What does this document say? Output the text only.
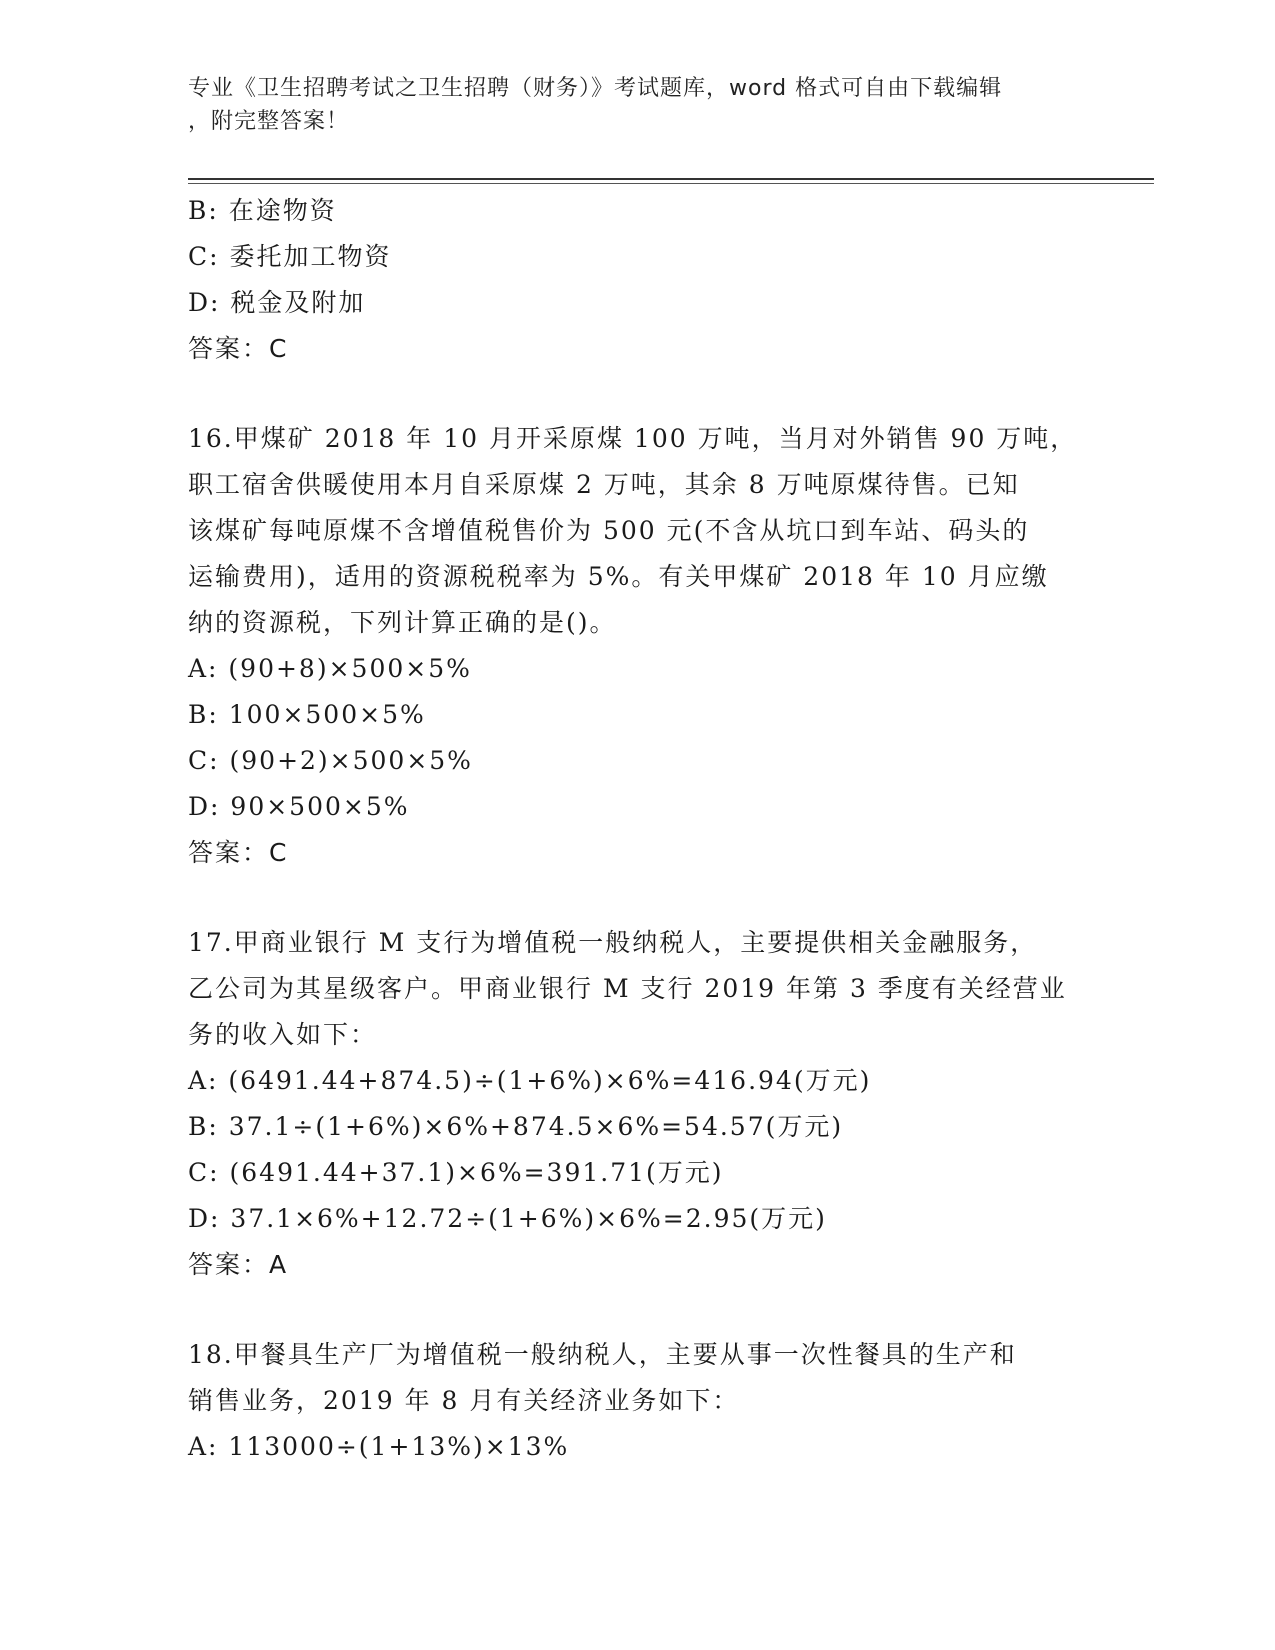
专业《卫生招聘考试之卫生招聘（财务）》考试题库，word 格式可自由下载编辑
，附完整答案！
B: 在途物资
C: 委托加工物资
D: 税金及附加
答案：C
16.甲煤矿 2018 年 10 月开采原煤 100 万吨，当月对外销售 90 万吨，
职工宿舍供暖使用本月自采原煤 2 万吨，其余 8 万吨原煤待售。已知
该煤矿每吨原煤不含增值税售价为 500 元(不含从坑口到车站、码头的
运输费用)，适用的资源税税率为 5%。有关甲煤矿 2018 年 10 月应缴
纳的资源税，下列计算正确的是()。
A: (90+8)×500×5%
B: 100×500×5%
C: (90+2)×500×5%
D: 90×500×5%
答案：C
17.甲商业银行 M 支行为增值税一般纳税人，主要提供相关金融服务，
乙公司为其星级客户。甲商业银行 M 支行 2019 年第 3 季度有关经营业
务的收入如下：
A: (6491.44+874.5)÷(1+6%)×6%=416.94(万元)
B: 37.1÷(1+6%)×6%+874.5×6%=54.57(万元)
C: (6491.44+37.1)×6%=391.71(万元)
D: 37.1×6%+12.72÷(1+6%)×6%=2.95(万元)
答案：A
18.甲餐具生产厂为增值税一般纳税人，主要从事一次性餐具的生产和
销售业务，2019 年 8 月有关经济业务如下：
A: 113000÷(1+13%)×13%
